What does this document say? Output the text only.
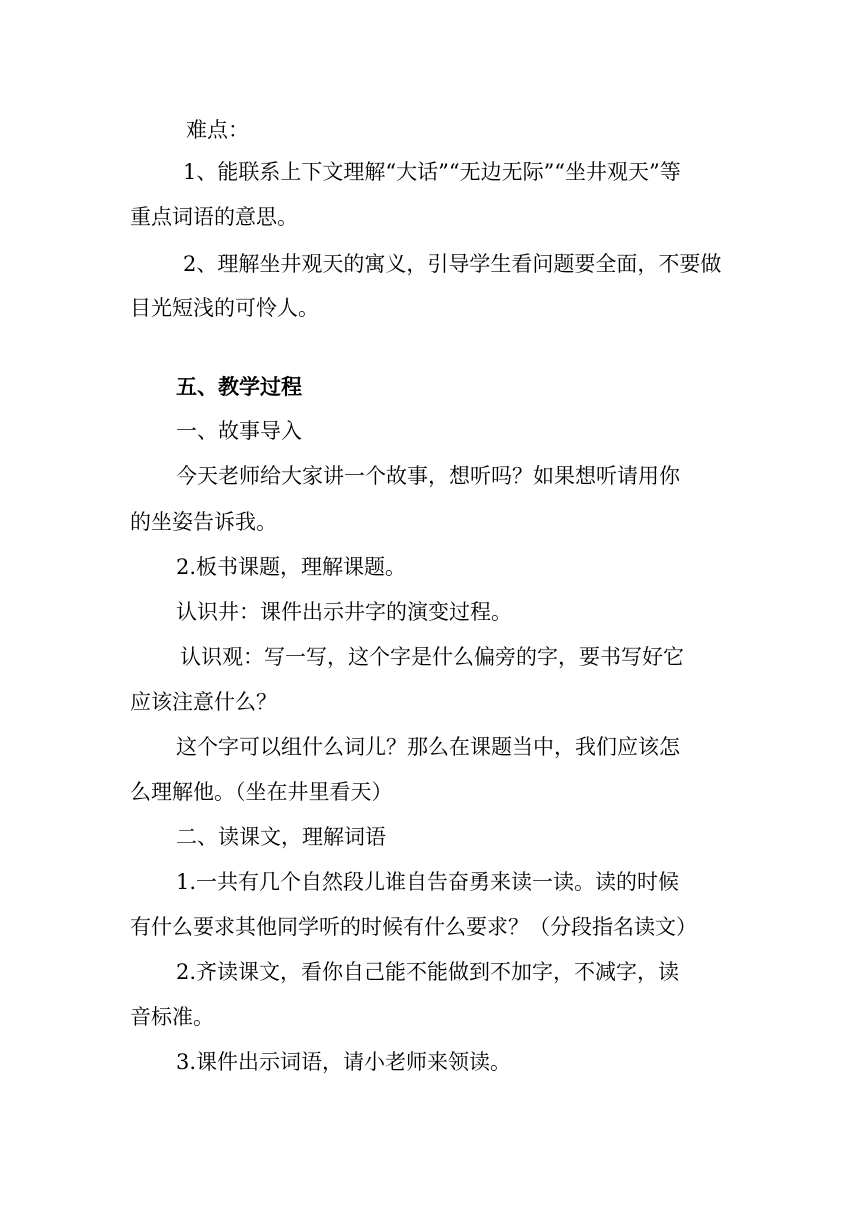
难点：
1、能联系上下文理解“大话”“无边无际”“坐井观天”等
重点词语的意思。
2、理解坐井观天的寓义，引导学生看问题要全面，不要做
目光短浅的可怜人。
五、教学过程
一、故事导入
今天老师给大家讲一个故事，想听吗？如果想听请用你
的坐姿告诉我。
2.板书课题，理解课题。
认识井：课件出示井字的演变过程。
认识观：写一写，这个字是什么偏旁的字，要书写好它
应该注意什么？
这个字可以组什么词儿？那么在课题当中，我们应该怎
么理解他。（坐在井里看天）
二、读课文，理解词语
1.一共有几个自然段儿谁自告奋勇来读一读。读的时候
有什么要求其他同学听的时候有什么要求？（分段指名读文）
2.齐读课文，看你自己能不能做到不加字，不减字，读
音标准。
3.课件出示词语，请小老师来领读。
